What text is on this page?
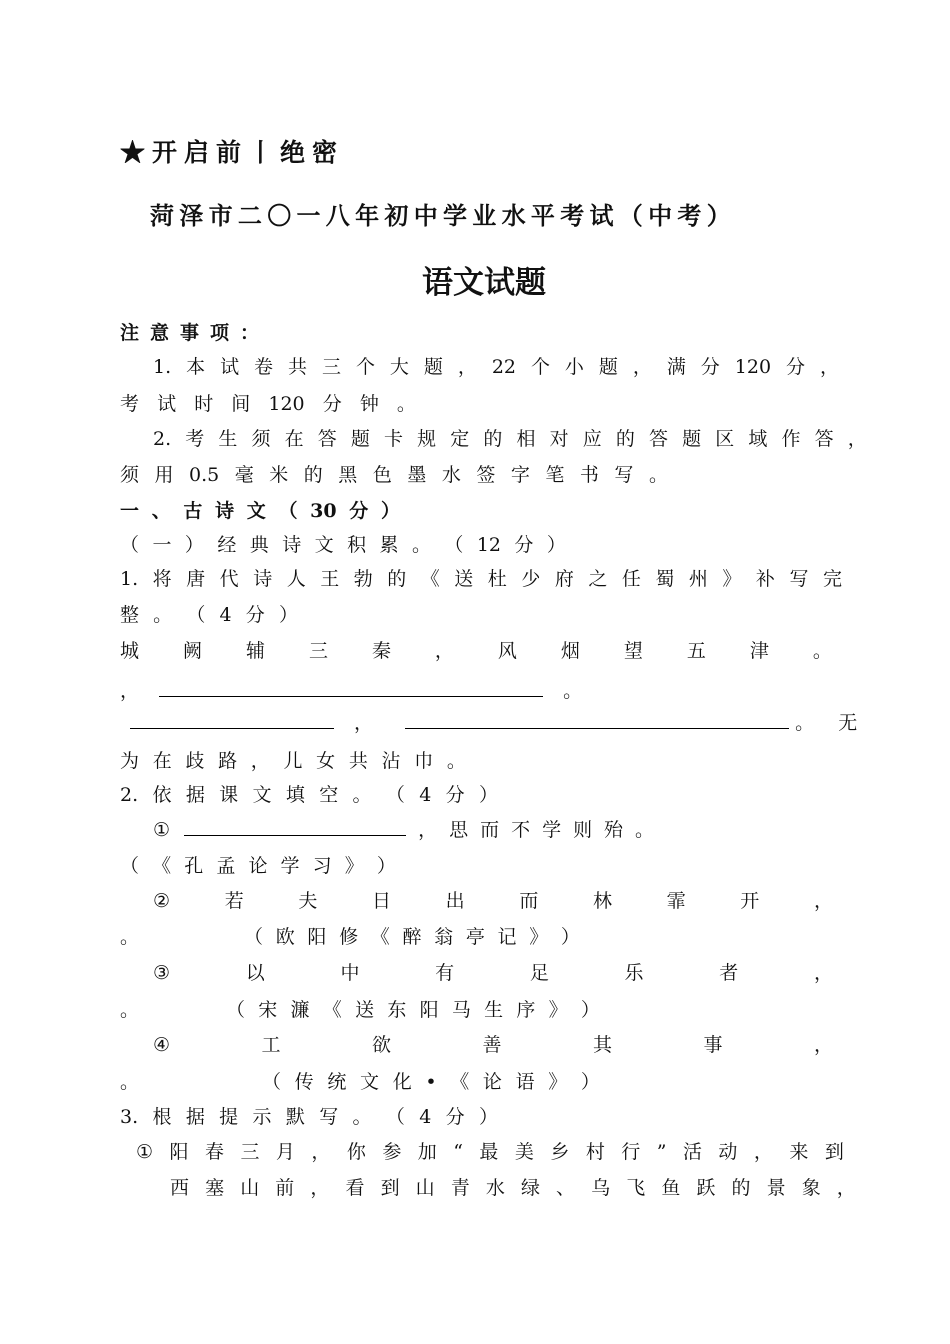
★开启前丨绝密
菏泽市二〇一八年初中学业水平考试（中考）
语文试题
注意事项：
1. 本 试 卷 共 三 个 大 题 ， 22 个 小 题 ， 满 分 120 分 ，
考 试 时 间 120 分 钟 。
2. 考 生 须 在 答 题 卡 规 定 的 相 对 应 的 答 题 区 域 作 答 ，
须 用 0.5 毫 米 的 黑 色 墨 水 签 字 笔 书 写 。
一 、 古 诗 文 （ 30 分 ）
（ 一 ） 经 典 诗 文 积 累 。 （ 12 分 ）
1. 将 唐 代 诗 人 王 勃 的 《 送 杜 少 府 之 任 蜀 州 》 补 写 完
整 。 （ 4 分 ）
城 阙 辅 三 秦 ， 风 烟 望 五 津 。
，	。
，	。 无
为 在 歧 路 ， 儿 女 共 沾 巾 。
2. 依 据 课 文 填 空 。 （ 4 分 ）
①	， 思 而 不 学 则 殆 。
（ 《 孔 孟 论 学 习 》 ）
②	若	夫	日	出	而	林	霏	开	，
。	（ 欧 阳 修 《 醉 翁 亭 记 》 ）
③	以	中	有	足	乐	者	，
。	（ 宋 濂 《 送 东 阳 马 生 序 》 ）
④	工	欲	善	其	事	，
。	（ 传 统 文 化 • 《 论 语 》 ）
3. 根 据 提 示 默 写 。 （ 4 分 ）
① 阳 春 三 月 ， 你 参 加 “ 最 美 乡 村 行 ” 活 动 ， 来 到
西 塞 山 前 ， 看 到 山 青 水 绿 、 乌 飞 鱼 跃 的 景 象 ，
